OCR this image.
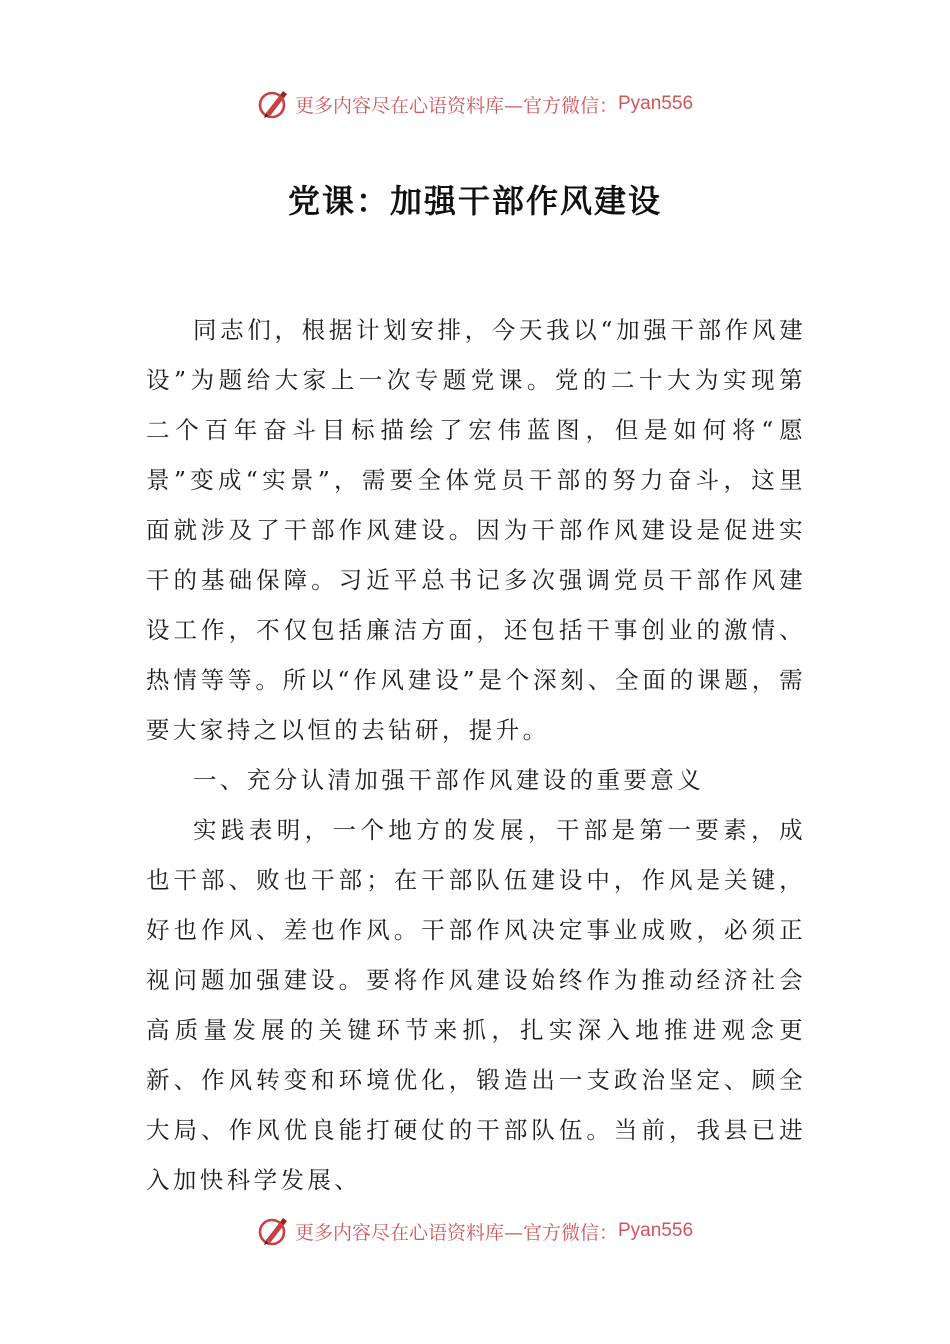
更多内容尽在心语资料库—官方微信： Pyan556
党课：加强干部作风建设

同志们，根据计划安排，今天我以“加强干部作风建设”为题给大家上一次专题党课。党的二十大为实现第二个百年奋斗目标描绘了宏伟蓝图，但是如何将“愿景”变成“实景”，需要全体党员干部的努力奋斗，这里面就涉及了干部作风建设。因为干部作风建设是促进实干的基础保障。习近平总书记多次强调党员干部作风建设工作，不仅包括廉洁方面，还包括干事创业的激情、热情等等。所以“作风建设”是个深刻、全面的课题，需要大家持之以恒的去钻研，提升。

一、充分认清加强干部作风建设的重要意义

实践表明，一个地方的发展，干部是第一要素，成也干部、败也干部；在干部队伍建设中，作风是关键，好也作风、差也作风。干部作风决定事业成败，必须正视问题加强建设。要将作风建设始终作为推动经济社会高质量发展的关键环节来抓，扎实深入地推进观念更新、作风转变和环境优化，锻造出一支政治坚定、顾全大局、作风优良能打硬仗的干部队伍。当前，我县已进入加快科学发展、

更多内容尽在心语资料库—官方微信： Pyan556
